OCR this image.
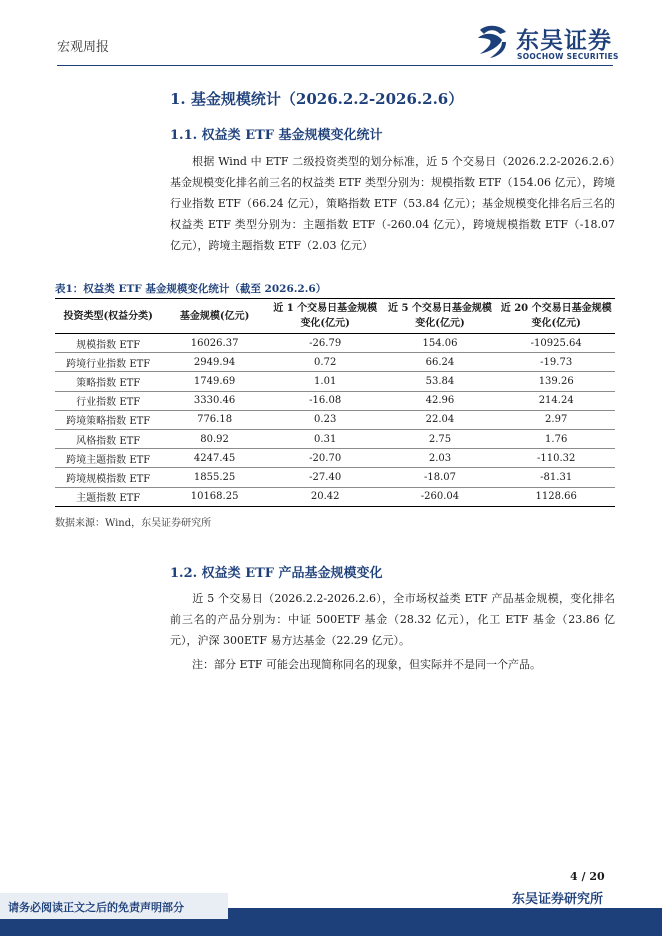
宏观周报	东吴证券
SOOCHOW SECURITIES
1. 基金规模统计（2026.2.2-2026.2.6）
1.1. 权益类 ETF 基金规模变化统计
根据 Wind 中 ETF 二级投资类型的划分标准，近 5 个交易日（2026.2.2-2026.2.6）基金规模变化排名前三名的权益类 ETF 类型分别为：规模指数 ETF（154.06 亿元），跨境行业指数 ETF（66.24 亿元），策略指数 ETF（53.84 亿元）；基金规模变化排名后三名的权益类 ETF 类型分别为：主题指数 ETF（-260.04 亿元），跨境规模指数 ETF（-18.07 亿元），跨境主题指数 ETF（2.03 亿元）
表1：权益类 ETF 基金规模变化统计（截至 2026.2.6）
投资类型(权益分类)	基金规模(亿元)	近 1 个交易日基金规模变化(亿元)	近 5 个交易日基金规模变化(亿元)	近 20 个交易日基金规模变化(亿元)
规模指数 ETF	16026.37	-26.79	154.06	-10925.64
跨境行业指数 ETF	2949.94	0.72	66.24	-19.73
策略指数 ETF	1749.69	1.01	53.84	139.26
行业指数 ETF	3330.46	-16.08	42.96	214.24
跨境策略指数 ETF	776.18	0.23	22.04	2.97
风格指数 ETF	80.92	0.31	2.75	1.76
跨境主题指数 ETF	4247.45	-20.70	2.03	-110.32
跨境规模指数 ETF	1855.25	-27.40	-18.07	-81.31
主题指数 ETF	10168.25	20.42	-260.04	1128.66
数据来源：Wind，东吴证券研究所
1.2. 权益类 ETF 产品基金规模变化
近 5 个交易日（2026.2.2-2026.2.6），全市场权益类 ETF 产品基金规模，变化排名前三名的产品分别为：中证 500ETF 基金（28.32 亿元），化工 ETF 基金（23.86 亿元），沪深 300ETF 易方达基金（22.29 亿元）。
注：部分 ETF 可能会出现简称同名的现象，但实际并不是同一个产品。
4 / 20
东吴证券研究所
请务必阅读正文之后的免责声明部分
